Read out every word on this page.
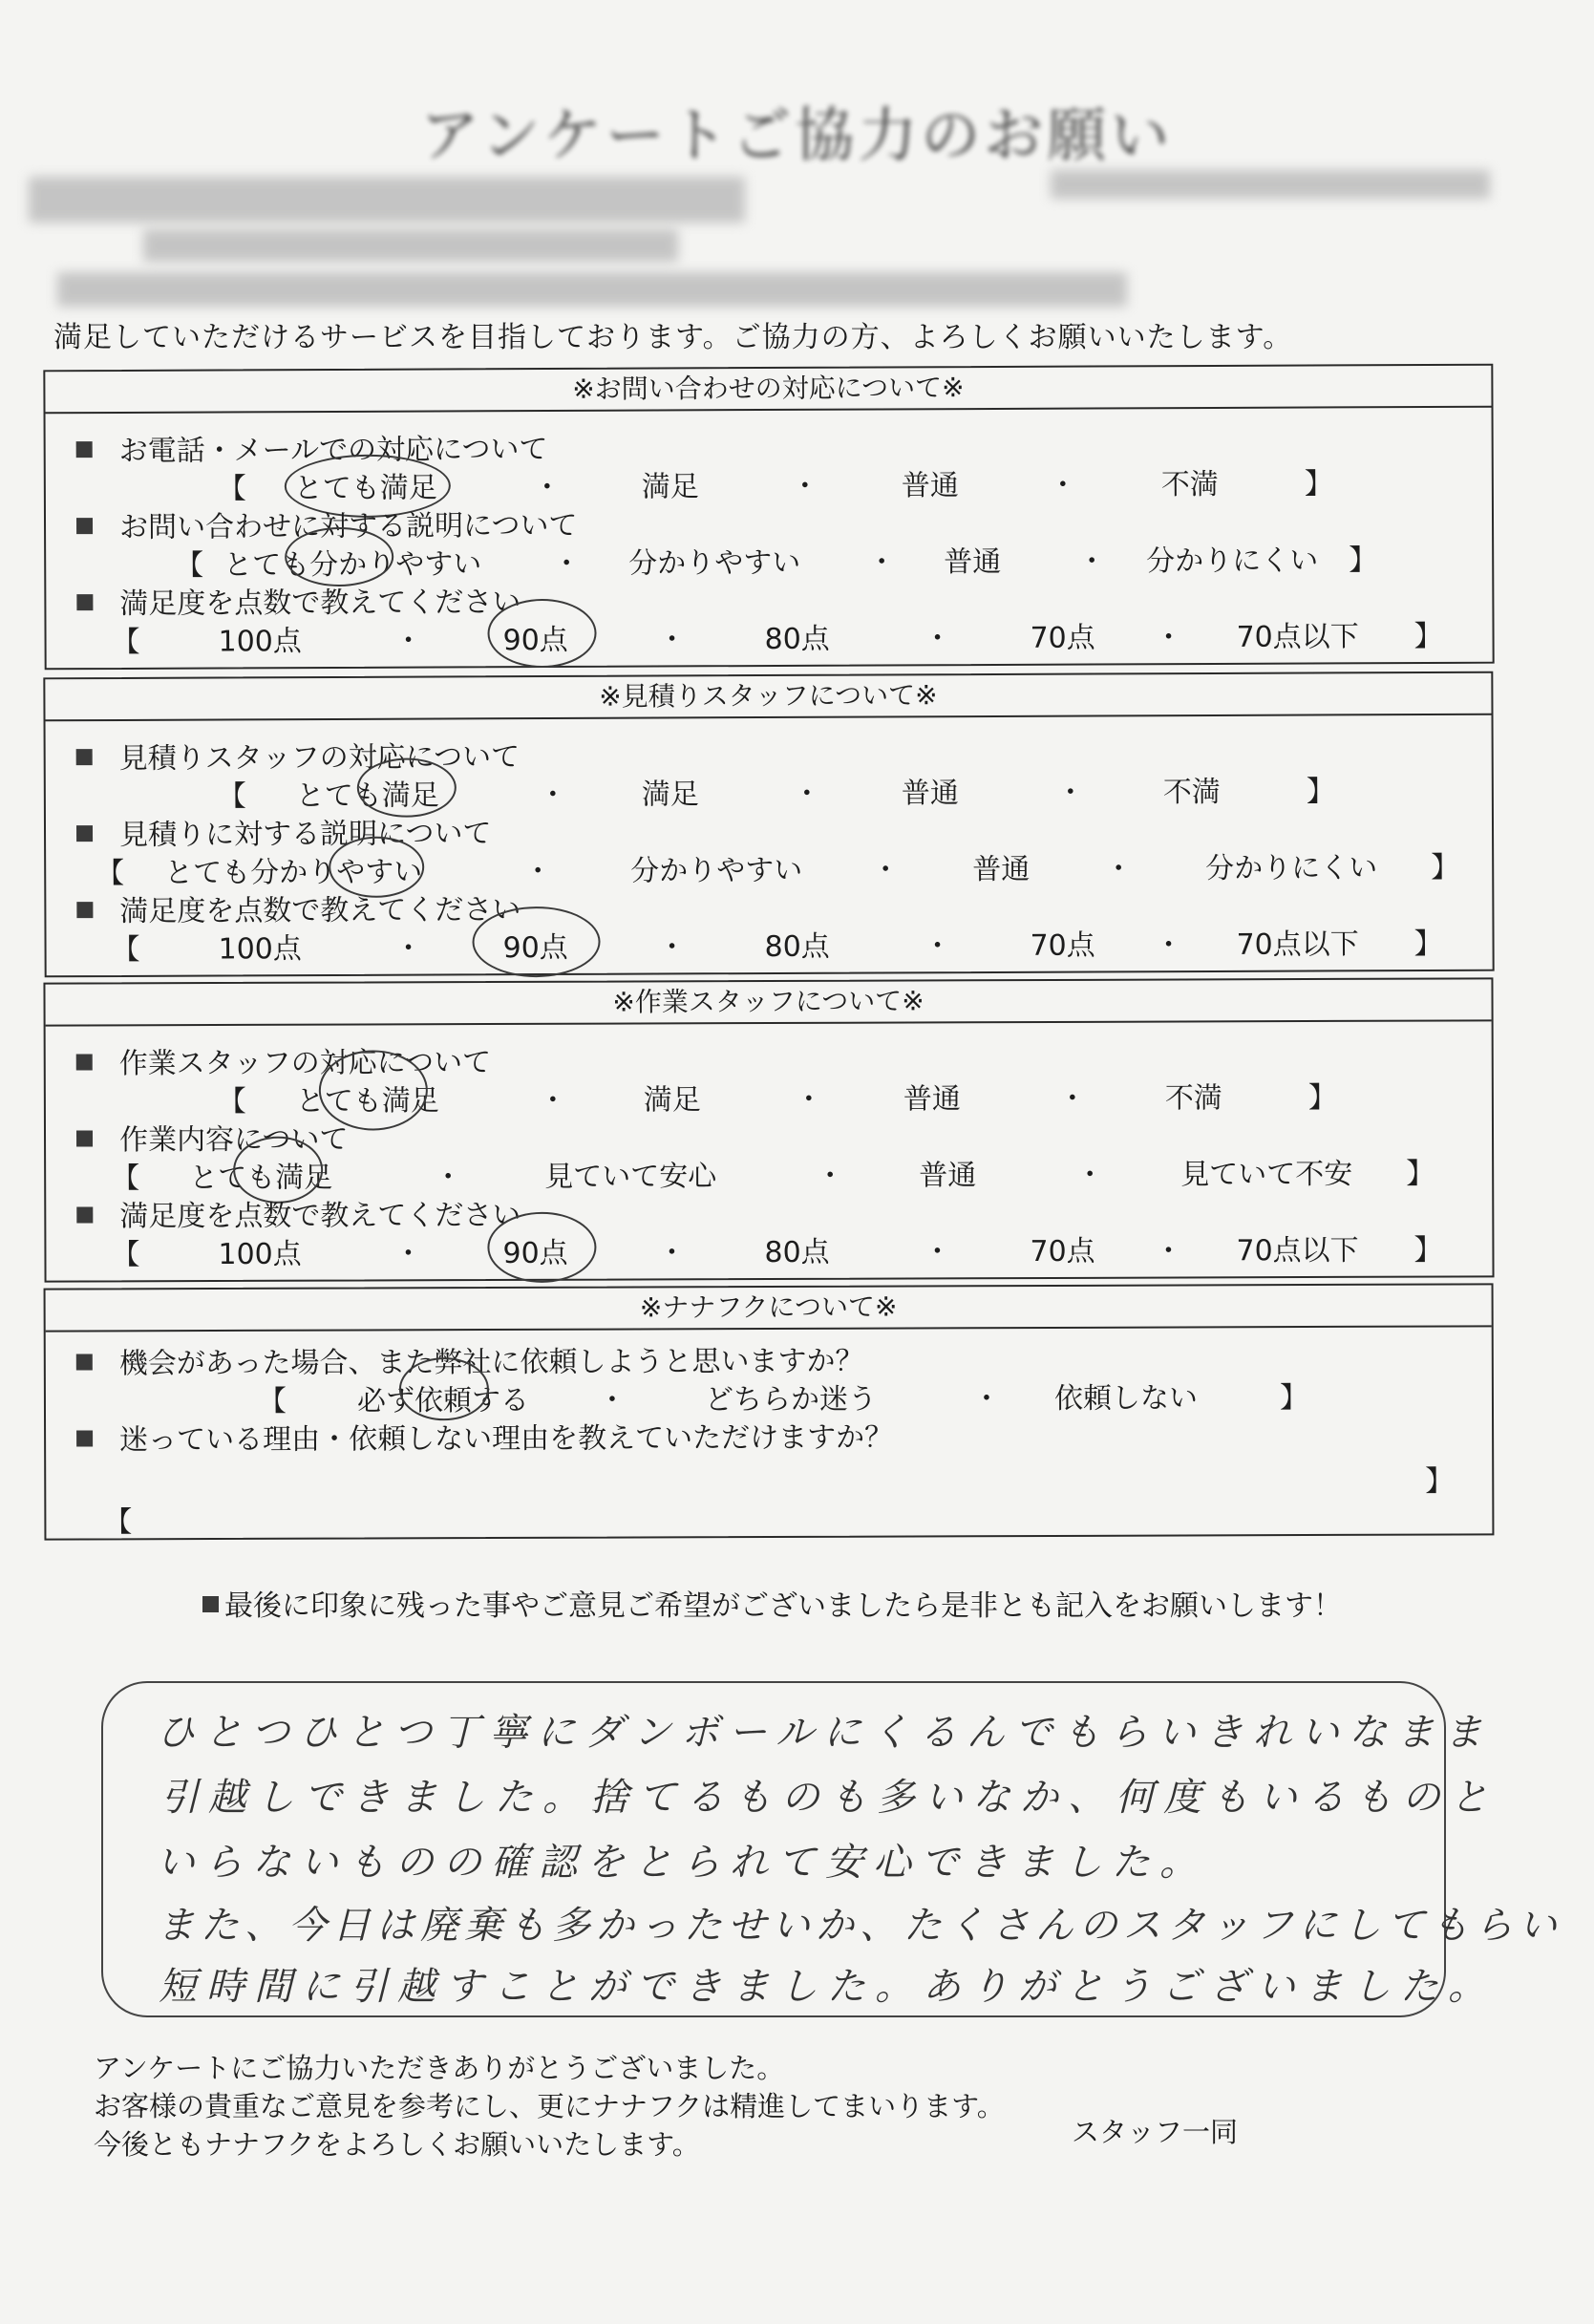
アンケートご協力のお願い
満足していただけるサービスを目指しております。ご協力の方、よろしくお願いいたします。
※お問い合わせの対応について※
お電話・メールでの対応について
【 とても満足	・	満足	・	普通	・	不満	】
お問い合わせに対する説明について
【 とても分かりやすい ・ 分かりやすい ・ 普通	・ 分かりにくい 】
満足度を点数で教えてください
【	100点	・	90点	・	80点	・	70点 ・ 70点以下 】
※見積りスタッフについて※
見積りスタッフの対応について
【 とても満足	・	満足	・	普通	・	不満	】
見積りに対する説明について
【 とても分かりやすい	・	分かりやすい ・	普通	・	分かりにくい 】
満足度を点数で教えてください
【	100点	・	90点	・	80点	・	70点 ・ 70点以下 】
※作業スタッフについて※
作業スタッフの対応について
【 とても満足	・	満足	・	普通	・	不満	】
作業内容について
【 とても満足	・	見ていて安心	・	普通	・	見ていて不安 】
満足度を点数で教えてください
【	100点	・	90点	・	80点	・	70点 ・ 70点以下 】
※ナナフクについて※
機会があった場合、また弊社に依頼しようと思いますか？
【 必ず依頼する ・	どちらか迷う	・ 依頼しない	】
迷っている理由・依頼しない理由を教えていただけますか？
【
】
最後に印象に残った事やご意見ご希望がございましたら是非とも記入をお願いします！
ひとつひとつ丁寧にダンボールにくるんでもらいきれいなまま
引越しできました。捨てるものも多いなか、何度もいるものと
いらないものの確認をとられて安心できました。
また、今日は廃棄も多かったせいか、たくさんのスタッフにしてもらい
短時間に引越すことができました。ありがとうございました。
アンケートにご協力いただきありがとうございました。
お客様の貴重なご意見を参考にし、更にナナフクは精進してまいります。
今後ともナナフクをよろしくお願いいたします。	スタッフ一同
